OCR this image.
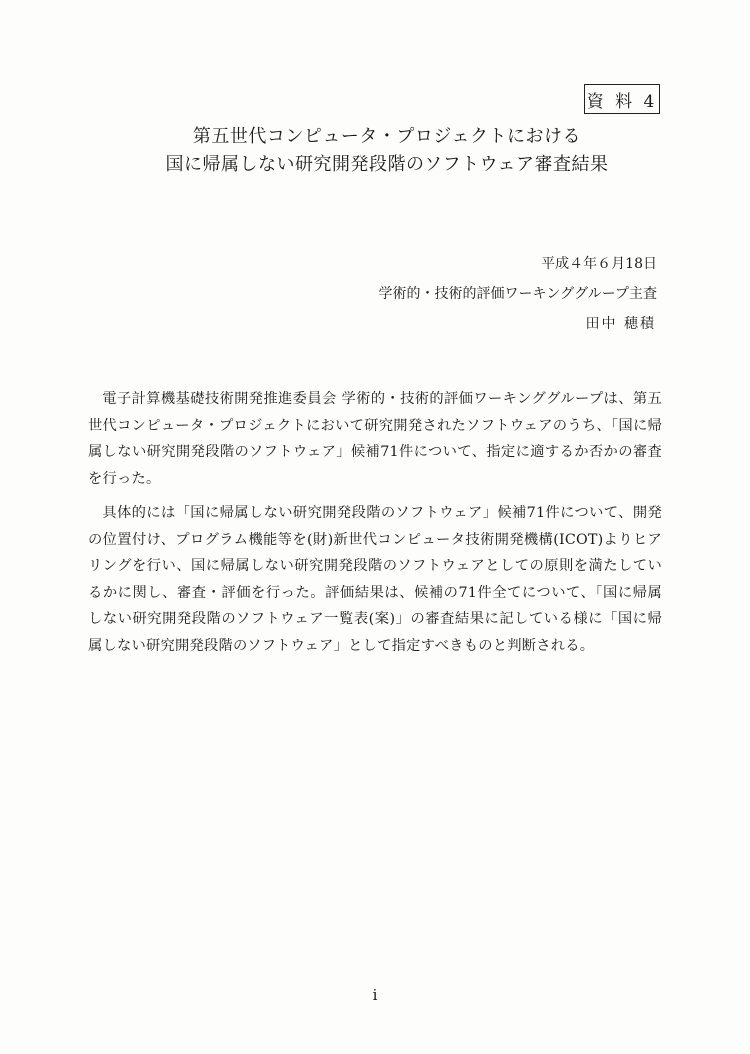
資 料 4
第五世代コンピュータ・プロジェクトにおける
国に帰属しない研究開発段階のソフトウェア審査結果
平成４年６月18日
学術的・技術的評価ワーキンググループ主査
田中 穂積

電子計算機基礎技術開発推進委員会 学術的・技術的評価ワーキンググループは、第五世代コンピュータ・プロジェクトにおいて研究開発されたソフトウェアのうち、「国に帰属しない研究開発段階のソフトウェア」候補71件について、指定に適するか否かの審査を行った。

具体的には「国に帰属しない研究開発段階のソフトウェア」候補71件について、開発の位置付け、プログラム機能等を(財)新世代コンピュータ技術開発機構(ICOT)よりヒアリングを行い、国に帰属しない研究開発段階のソフトウェアとしての原則を満たしているかに関し、審査・評価を行った。評価結果は、候補の71件全てについて、「国に帰属しない研究開発段階のソフトウェア一覧表(案)」の審査結果に記している様に「国に帰属しない研究開発段階のソフトウェア」として指定すべきものと判断される。

i
